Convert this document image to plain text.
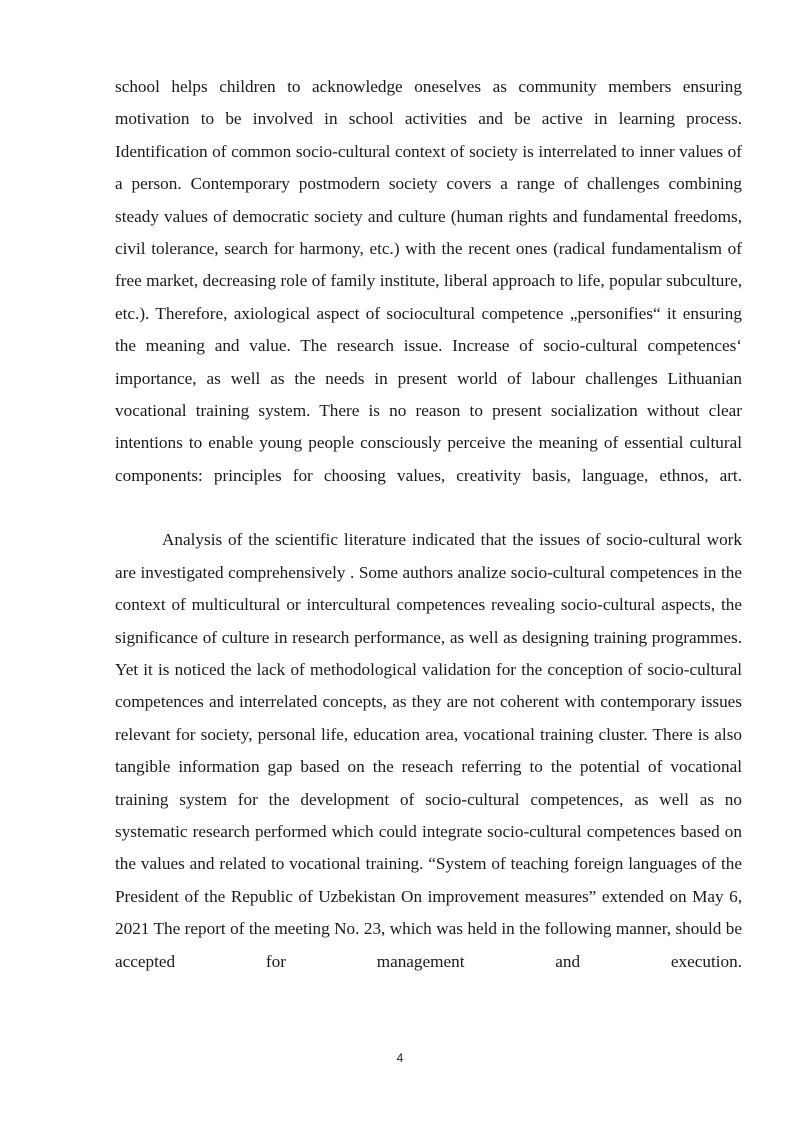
school helps children to acknowledge oneselves as community members ensuring motivation to be involved in school activities and be active in learning process. Identification of common socio-cultural context of society is interrelated to inner values of a person. Contemporary postmodern society covers a range of challenges combining steady values of democratic society and culture (human rights and fundamental freedoms, civil tolerance, search for harmony, etc.) with the recent ones (radical fundamentalism of free market, decreasing role of family institute, liberal approach to life, popular subculture, etc.). Therefore, axiological aspect of sociocultural competence „personifies“ it ensuring the meaning and value. The research issue. Increase of socio-cultural competences‘ importance, as well as the needs in present world of labour challenges Lithuanian vocational training system. There is no reason to present socialization without clear intentions to enable young people consciously perceive the meaning of essential cultural components: principles for choosing values, creativity basis, language, ethnos, art.

Analysis of the scientific literature indicated that the issues of socio-cultural work are investigated comprehensively . Some authors analize socio-cultural competences in the context of multicultural or intercultural competences revealing socio-cultural aspects, the significance of culture in research performance, as well as designing training programmes. Yet it is noticed the lack of methodological validation for the conception of socio-cultural competences and interrelated concepts, as they are not coherent with contemporary issues relevant for society, personal life, education area, vocational training cluster. There is also tangible information gap based on the reseach referring to the potential of vocational training system for the development of socio-cultural competences, as well as no systematic research performed which could integrate socio-cultural competences based on the values and related to vocational training. “System of teaching foreign languages of the President of the Republic of Uzbekistan On improvement measures” extended on May 6, 2021 The report of the meeting No. 23, which was held in the following manner, should be accepted for management and execution.

4
